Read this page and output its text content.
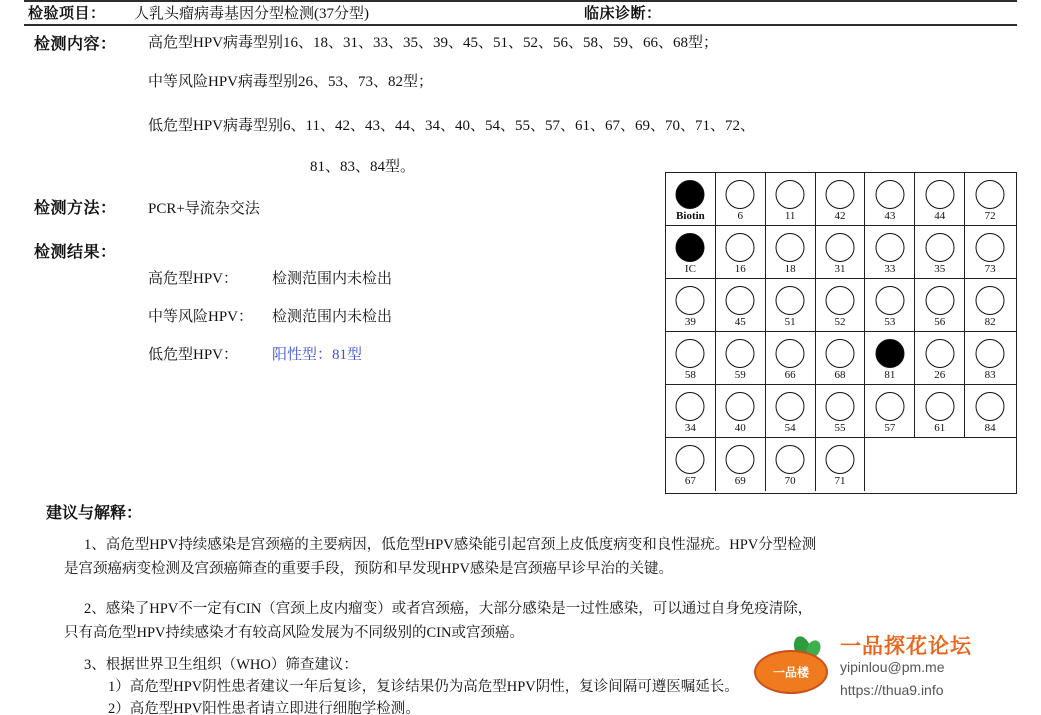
检验项目： 人乳头瘤病毒基因分型检测(37分型)	临床诊断：
检测内容： 高危型HPV病毒型别16、18、31、33、35、39、45、51、52、56、58、59、66、68型；
中等风险HPV病毒型别26、53、73、82型；
低危型HPV病毒型别6、11、42、43、44、34、40、54、55、57、61、67、69、70、71、72、
81、83、84型。
检测方法： PCR+导流杂交法
检测结果：
高危型HPV： 检测范围内未检出
中等风险HPV： 检测范围内未检出
低危型HPV： 阳性型：81型
Biotin	6	11	42	43	44	72
IC	16	18	31	33	35	73
39	45	51	52	53	56	82
58	59	66	68	81	26	83
34	40	54	55	57	61	84
67	69	70	71
建议与解释：
1、高危型HPV持续感染是宫颈癌的主要病因，低危型HPV感染能引起宫颈上皮低度病变和良性湿疣。HPV分型检测
是宫颈癌病变检测及宫颈癌筛查的重要手段，预防和早发现HPV感染是宫颈癌早诊早治的关键。
2、感染了HPV不一定有CIN（宫颈上皮内瘤变）或者宫颈癌，大部分感染是一过性感染，可以通过自身免疫清除，
只有高危型HPV持续感染才有较高风险发展为不同级别的CIN或宫颈癌。
3、根据世界卫生组织（WHO）筛查建议：
1）高危型HPV阴性患者建议一年后复诊，复诊结果仍为高危型HPV阴性，复诊间隔可遵医嘱延长。
2）高危型HPV阳性患者请立即进行细胞学检测。
一品楼
一品探花论坛
yipinlou@pm.me
https://thua9.info
